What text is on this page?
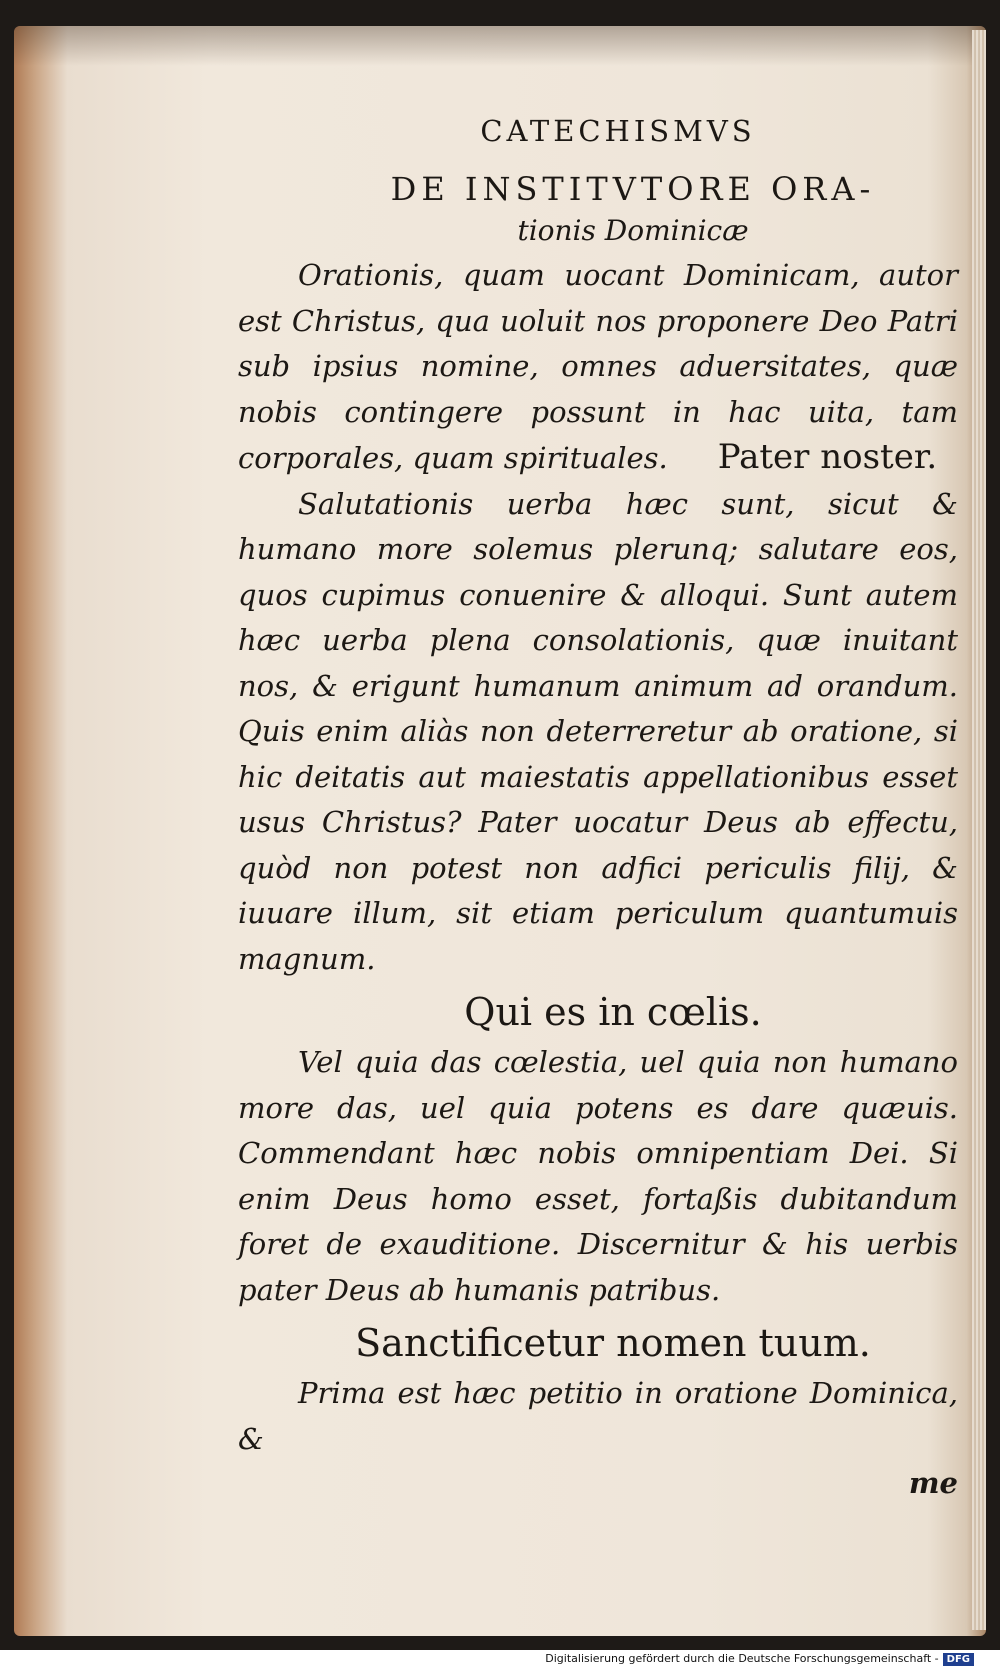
CATECHISMVS
DE INSTITVTORE ORA-
tionis Dominicæ

Orationis, quam uocant Dominicam, autor est Christus, qua uoluit nos proponere Deo Patri sub ipsius nomine, omnes aduersitates, quæ nobis contingere possunt in hac uita, tam corporales, quam spirituales. Pater noster.

Salutationis uerba hæc sunt, sicut & humano more solemus plerunq; salutare eos, quos cupimus conuenire & alloqui. Sunt autem hæc uerba plena consolationis, quæ inuitant nos, & erigunt humanum animum ad orandum. Quis enim aliàs non deterreretur ab oratione, si hic deitatis aut maiestatis appellationibus esset usus Christus? Pater uocatur Deus ab effectu, quòd non potest non adfici periculis filij, & iuuare illum, sit etiam periculum quantumuis magnum.

Qui es in cœlis.

Vel quia das cœlestia, uel quia non humano more das, uel quia potens es dare quæuis. Commendant hæc nobis omnipentiam Dei. Si enim Deus homo esset, fortaßis dubitandum foret de exauditione. Discernitur & his uerbis pater Deus ab humanis patribus.

Sanctificetur nomen tuum.

Prima est hæc petitio in oratione Dominica, &

me
Digitalisierung gefördert durch die Deutsche Forschungsgemeinschaft - DFG
